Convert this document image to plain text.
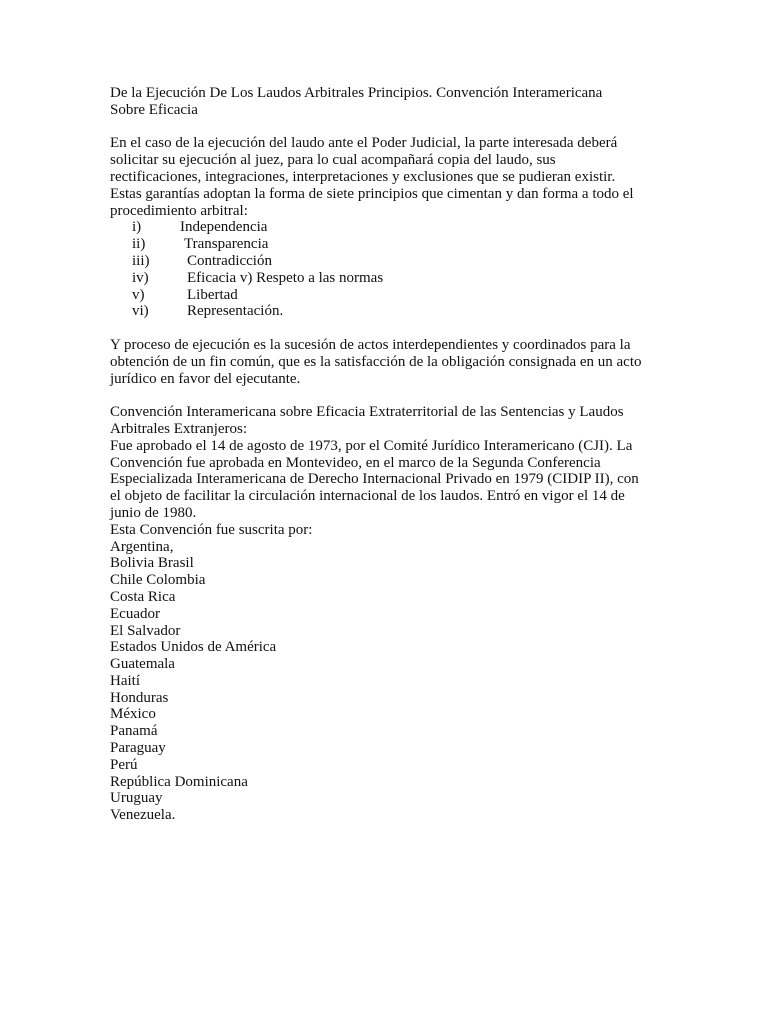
De la Ejecución De Los Laudos Arbitrales Principios. Convención Interamericana
Sobre Eficacia
En el caso de la ejecución del laudo ante el Poder Judicial, la parte interesada deberá
solicitar su ejecución al juez, para lo cual acompañará copia del laudo, sus
rectificaciones, integraciones, interpretaciones y exclusiones que se pudieran existir.
Estas garantías adoptan la forma de siete principios que cimentan y dan forma a todo el
procedimiento arbitral:
i)	Independencia
ii)	Transparencia
iii)	Contradicción
iv)	Eficacia v) Respeto a las normas
v)	Libertad
vi)	Representación.
Y proceso de ejecución es la sucesión de actos interdependientes y coordinados para la
obtención de un fin común, que es la satisfacción de la obligación consignada en un acto
jurídico en favor del ejecutante.
Convención Interamericana sobre Eficacia Extraterritorial de las Sentencias y Laudos
Arbitrales Extranjeros:
Fue aprobado el 14 de agosto de 1973, por el Comité Jurídico Interamericano (CJI). La
Convención fue aprobada en Montevideo, en el marco de la Segunda Conferencia
Especializada Interamericana de Derecho Internacional Privado en 1979 (CIDIP II), con
el objeto de facilitar la circulación internacional de los laudos. Entró en vigor el 14 de
junio de 1980.
Esta Convención fue suscrita por:
Argentina,
Bolivia Brasil
Chile Colombia
Costa Rica
Ecuador
El Salvador
Estados Unidos de América
Guatemala
Haití
Honduras
México
Panamá
Paraguay
Perú
República Dominicana
Uruguay
Venezuela.
